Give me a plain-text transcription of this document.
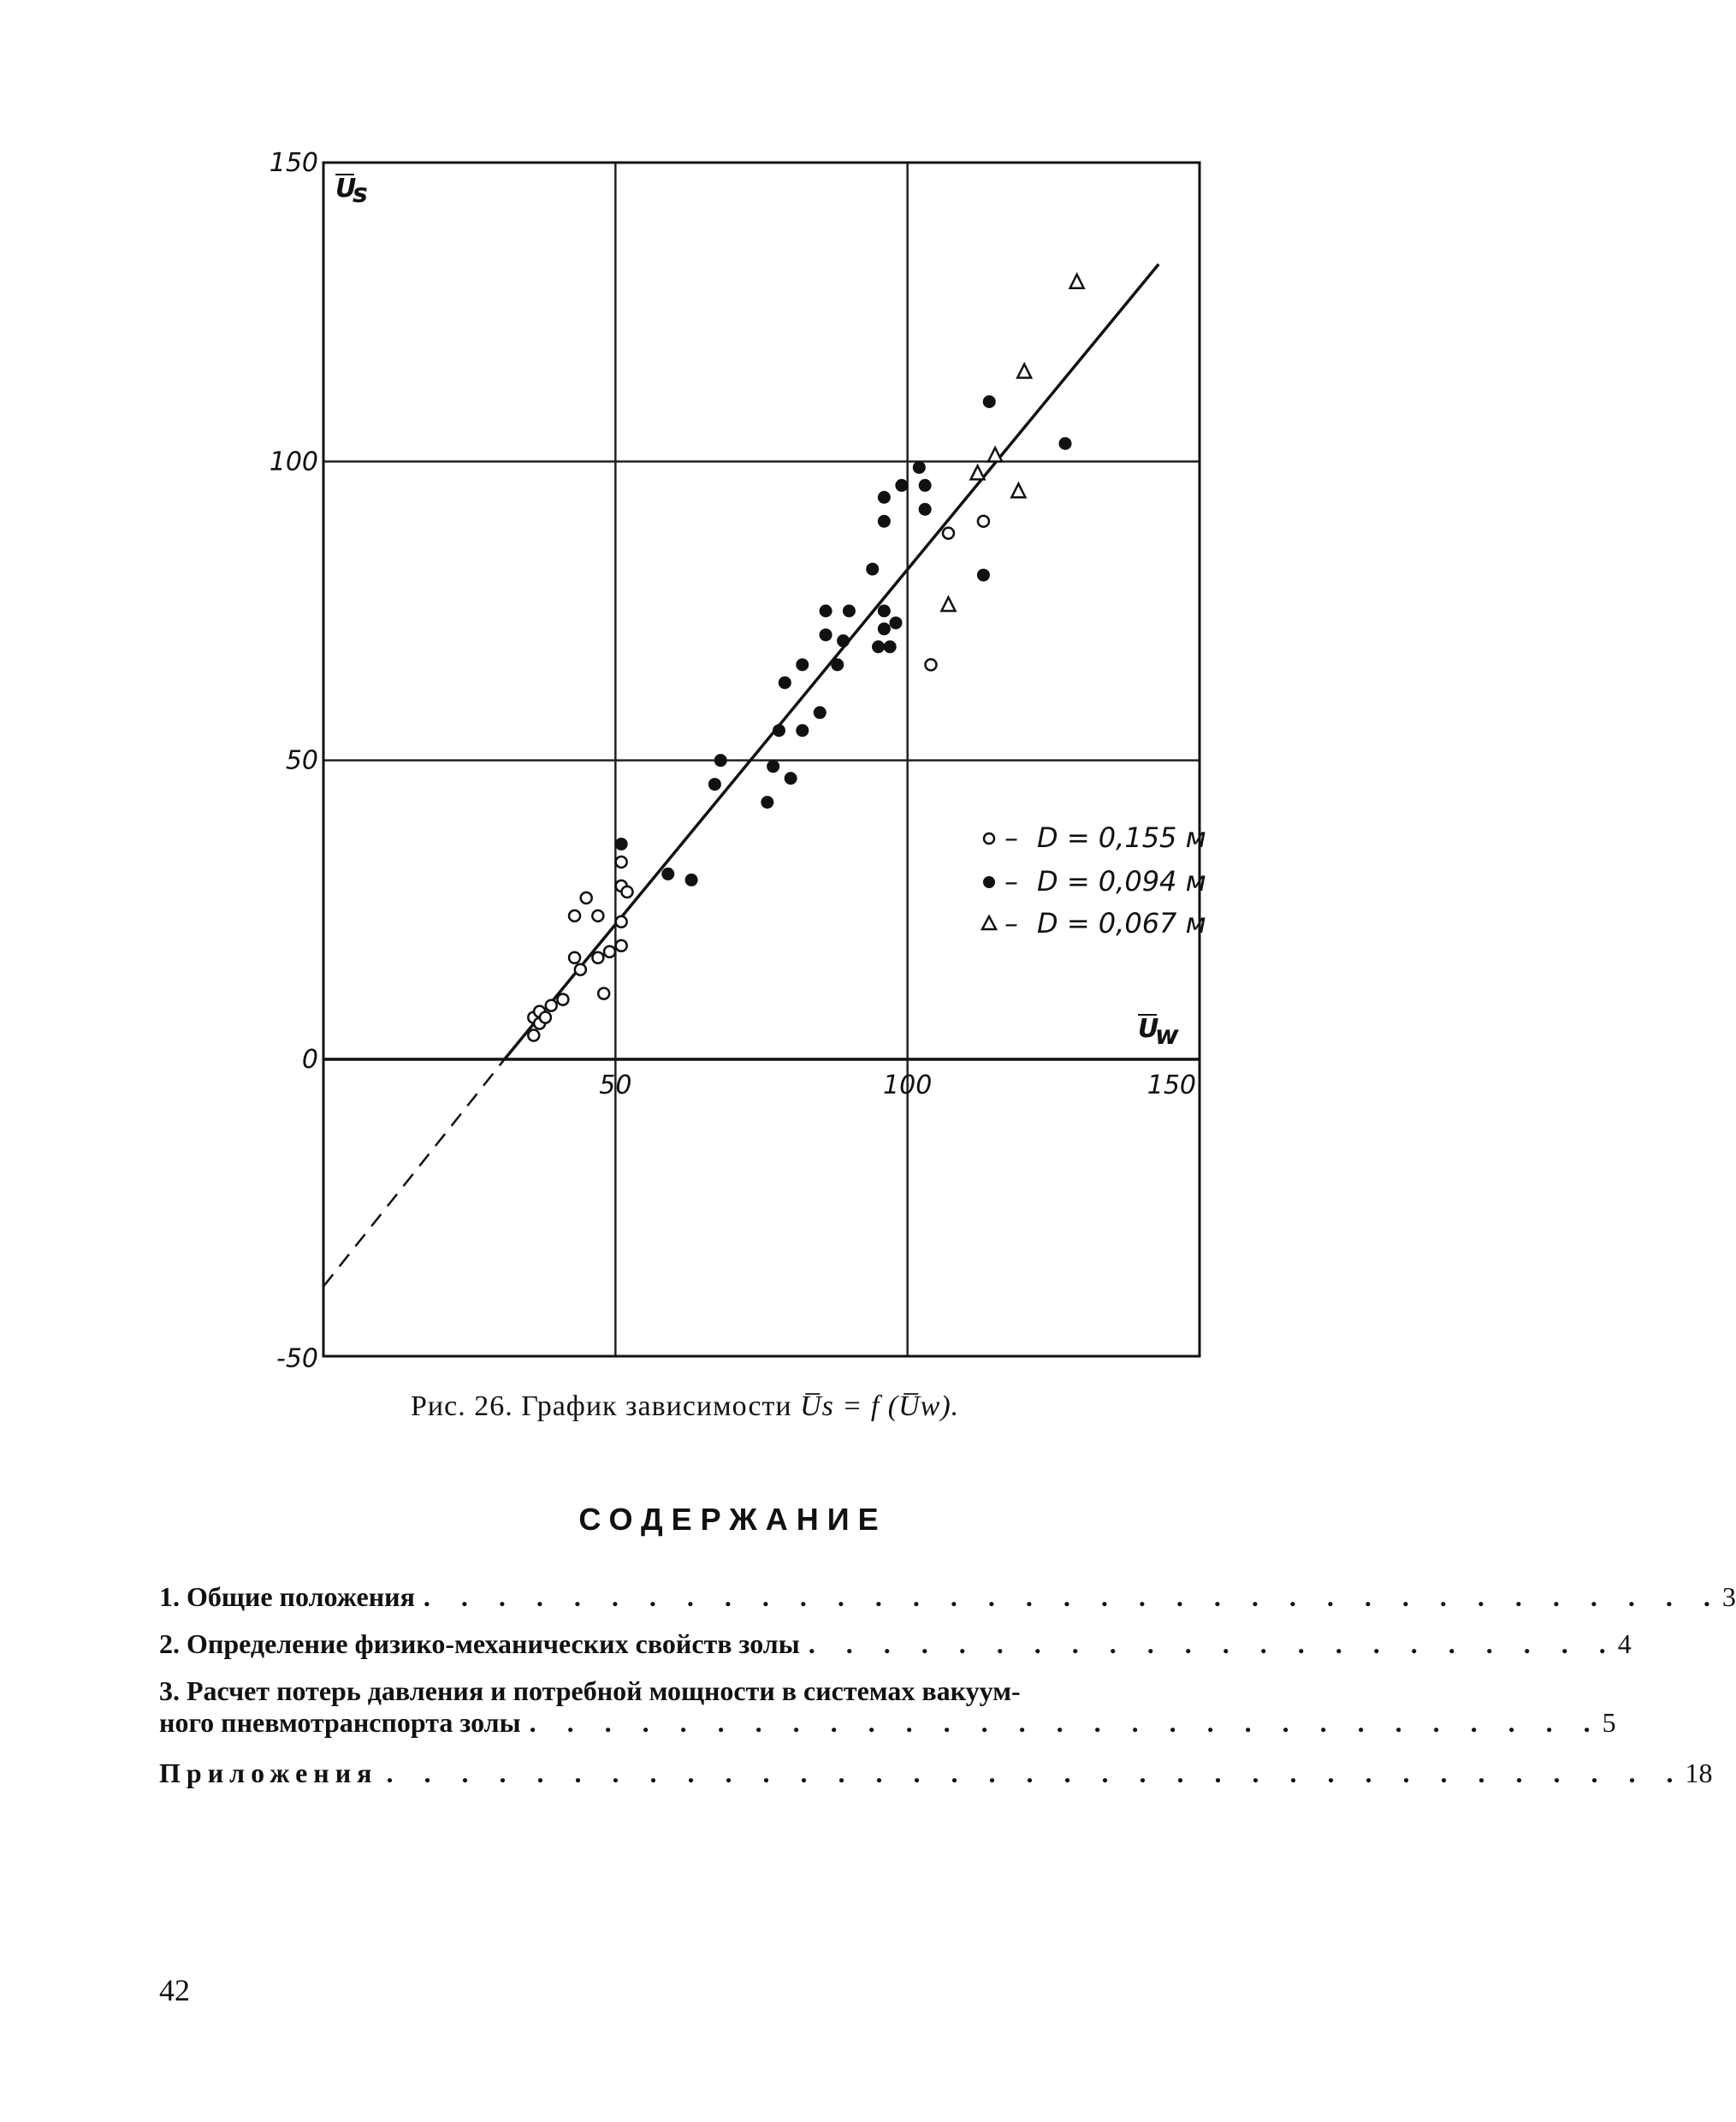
150
100
50
0
-50
50	100	150
U
s
U
w
– D = 0,155 м
– D = 0,094 м
– D = 0,067 м
Рис. 26. График зависимости U̅s = f (U̅w).
СОДЕРЖАНИЕ
1. Общие положения . . . . . . . . . . . . . . . . . . . . . . . . . . . . . . . . . . . 3
2. Определение физико-механических свойств золы . . . . . . . . . . . . . . . . . . . . . . 4
3. Расчет потерь давления и потребной мощности в системах вакуум-
ного пневмотранспорта золы . . . . . . . . . . . . . . . . . . . . . . . . . . . . . 5
Приложения . . . . . . . . . . . . . . . . . . . . . . . . . . . . . . . . . . . 18
42
